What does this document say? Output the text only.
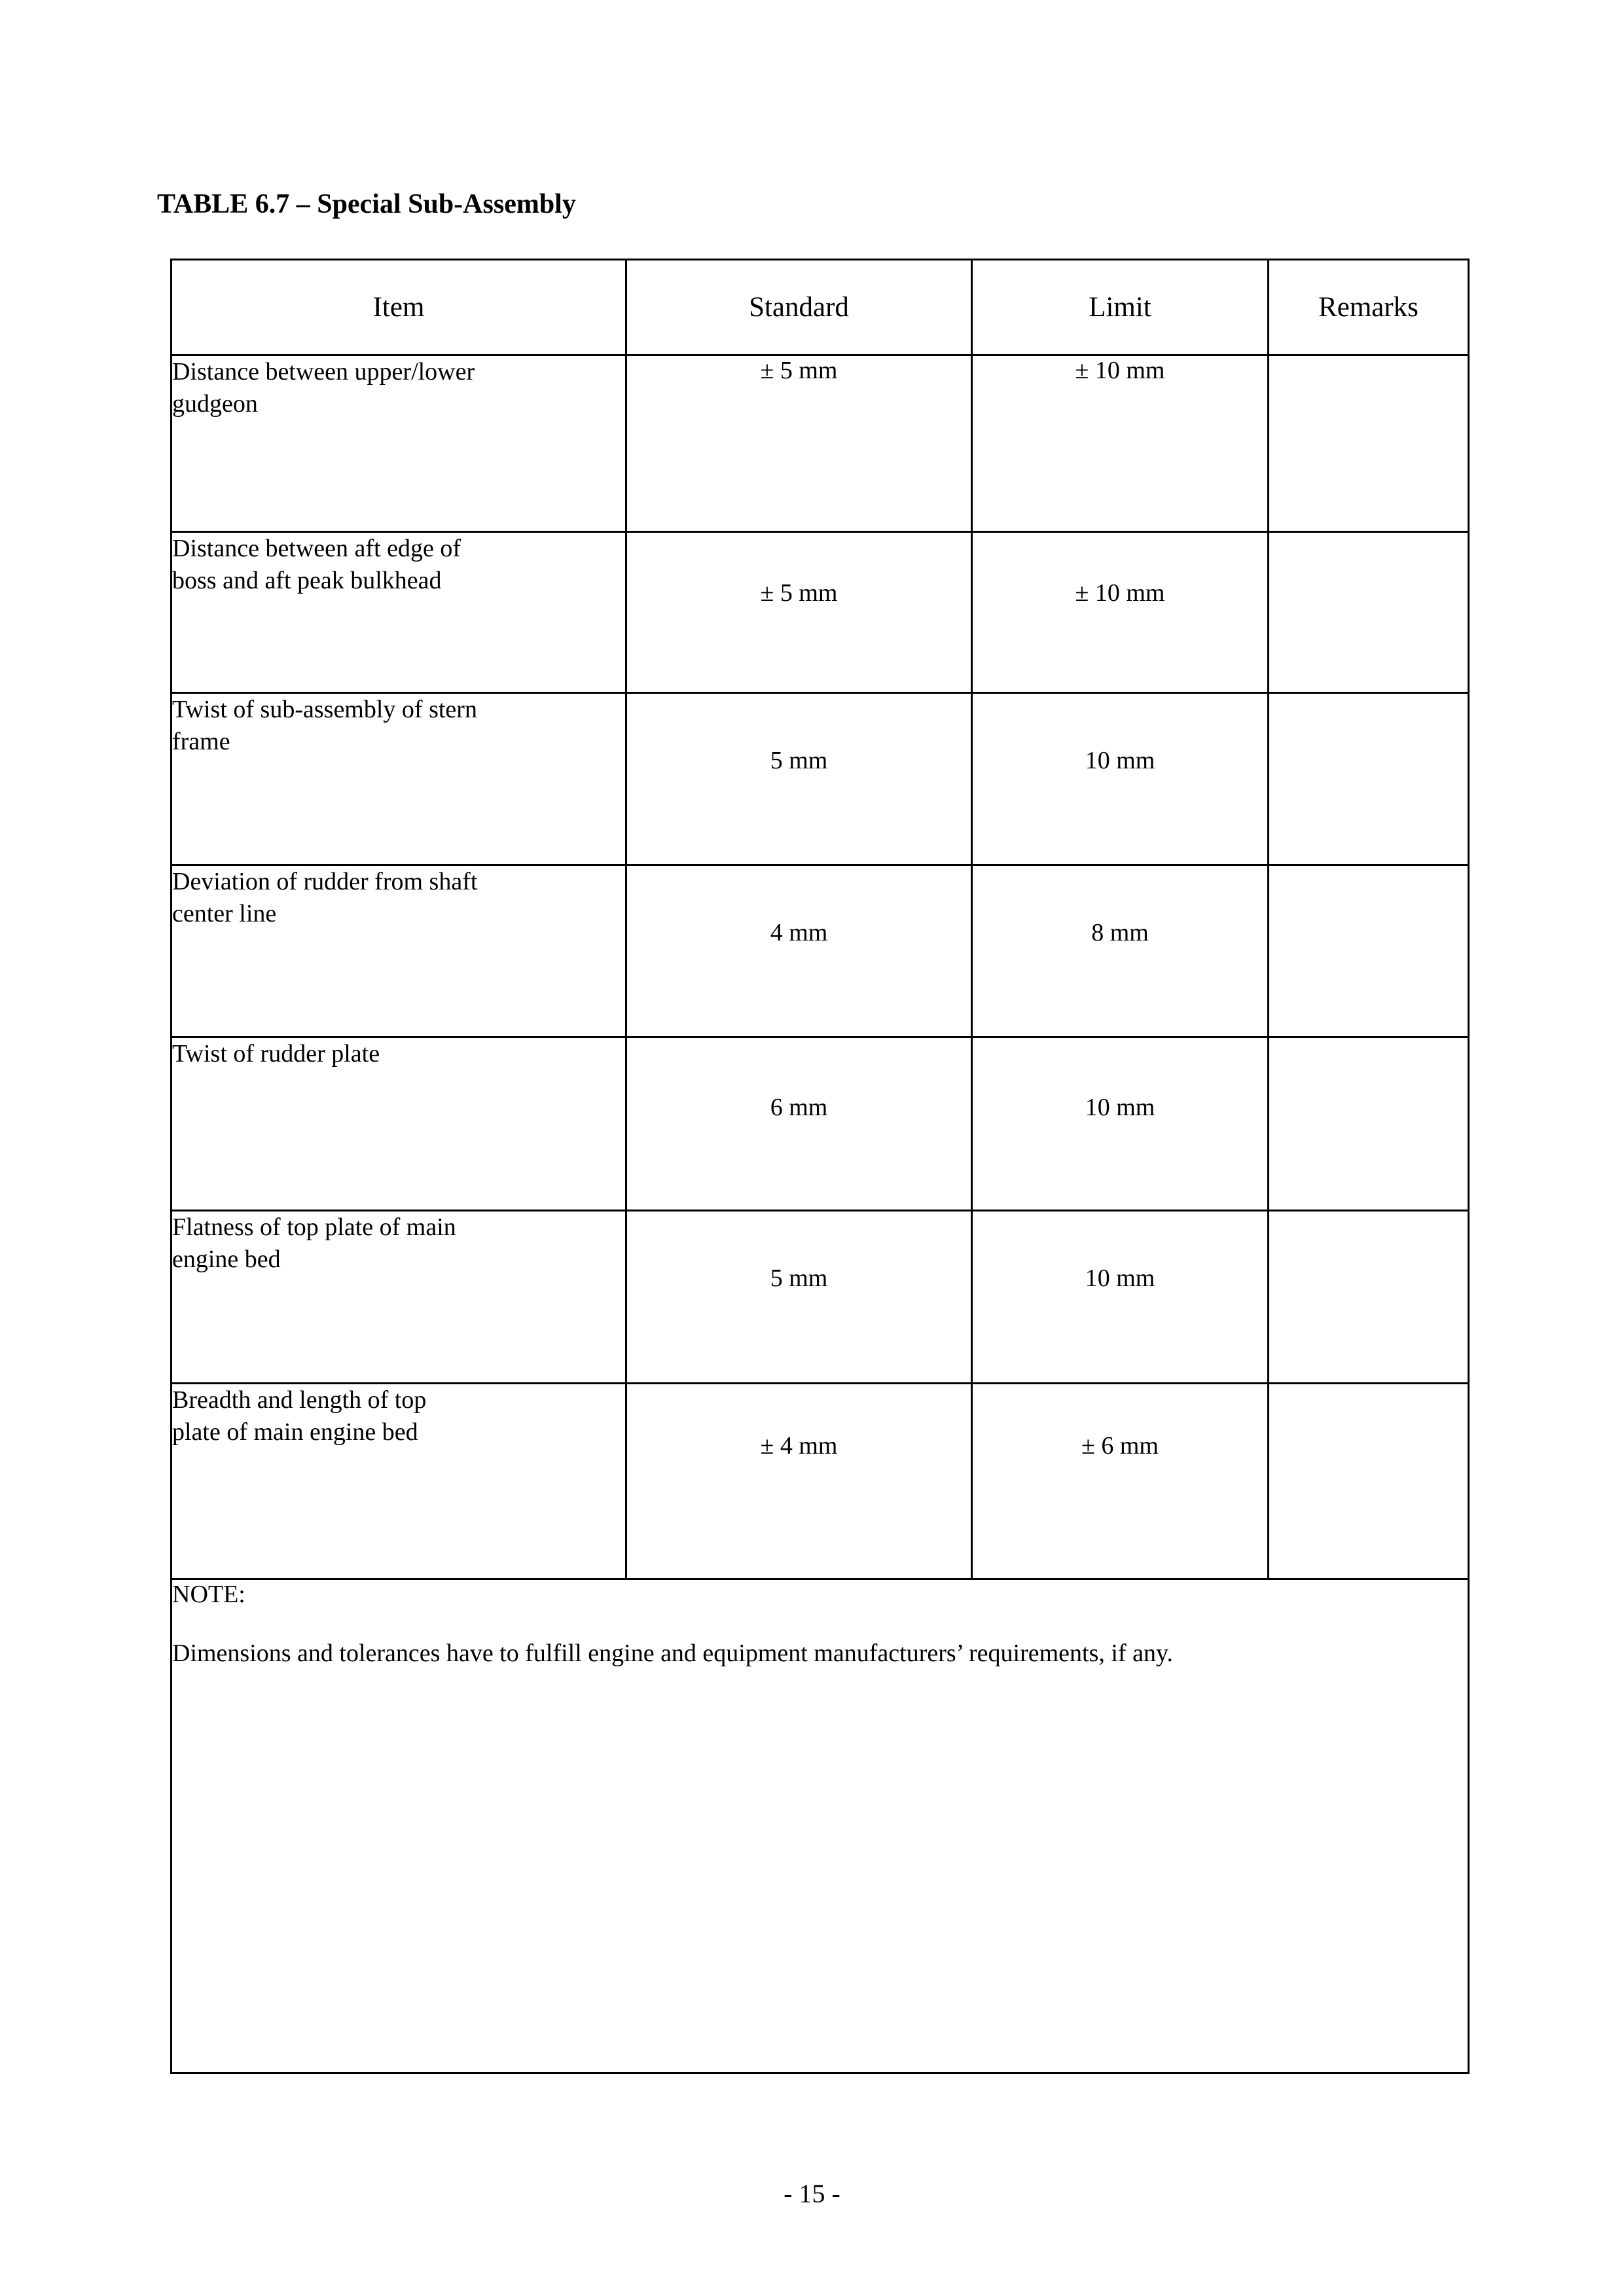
TABLE 6.7 – Special Sub-Assembly
Item	Standard	Limit	Remarks

Distance between upper/lower gudgeon	± 5 mm	± 10 mm	

Distance between aft edge of boss and aft peak bulkhead	± 5 mm	± 10 mm	

Twist of sub-assembly of stern frame	5 mm	10 mm	

Deviation of rudder from shaft center line	4 mm	8 mm	

Twist of rudder plate	6 mm	10 mm	

Flatness of top plate of main engine bed	5 mm	10 mm	

Breadth and length of top plate of main engine bed	± 4 mm	± 6 mm	

NOTE:
Dimensions and tolerances have to fulfill engine and equipment manufacturers’ requirements, if any.			
- 15 -
